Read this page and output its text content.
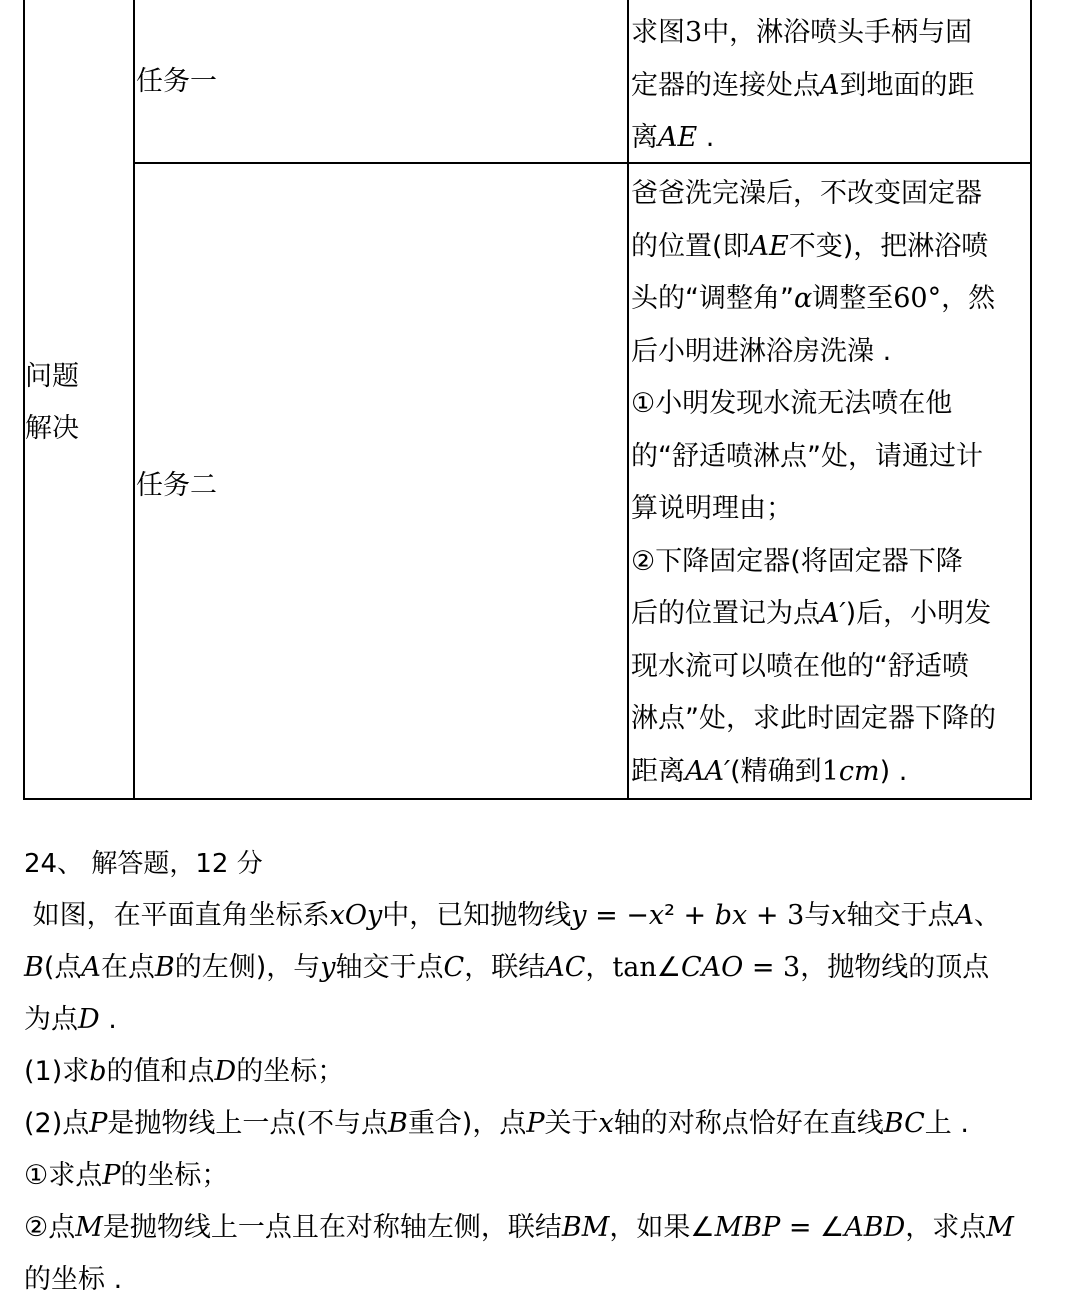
问题
解决
任务一
求图3中，淋浴喷头手柄与固
定器的连接处点A到地面的距
离AE .
任务二
爸爸洗完澡后，不改变固定器
的位置(即AE不变)，把淋浴喷
头的“调整角”α调整至60°，然
后小明进淋浴房洗澡 .
①小明发现水流无法喷在他
的“舒适喷淋点”处，请通过计
算说明理由；
②下降固定器(将固定器下降
后的位置记为点A′)后，小明发
现水流可以喷在他的“舒适喷
淋点”处，求此时固定器下降的
距离AA′(精确到1cm) .
24、 解答题，12 分
如图，在平面直角坐标系xOy中，已知抛物线y = −x² + bx + 3与x轴交于点A、
B(点A在点B的左侧)，与y轴交于点C，联结AC，tan∠CAO = 3，抛物线的顶点
为点D .
(1)求b的值和点D的坐标；
(2)点P是抛物线上一点(不与点B重合)，点P关于x轴的对称点恰好在直线BC上 .
①求点P的坐标；
②点M是抛物线上一点且在对称轴左侧，联结BM，如果∠MBP = ∠ABD，求点M
的坐标 .
